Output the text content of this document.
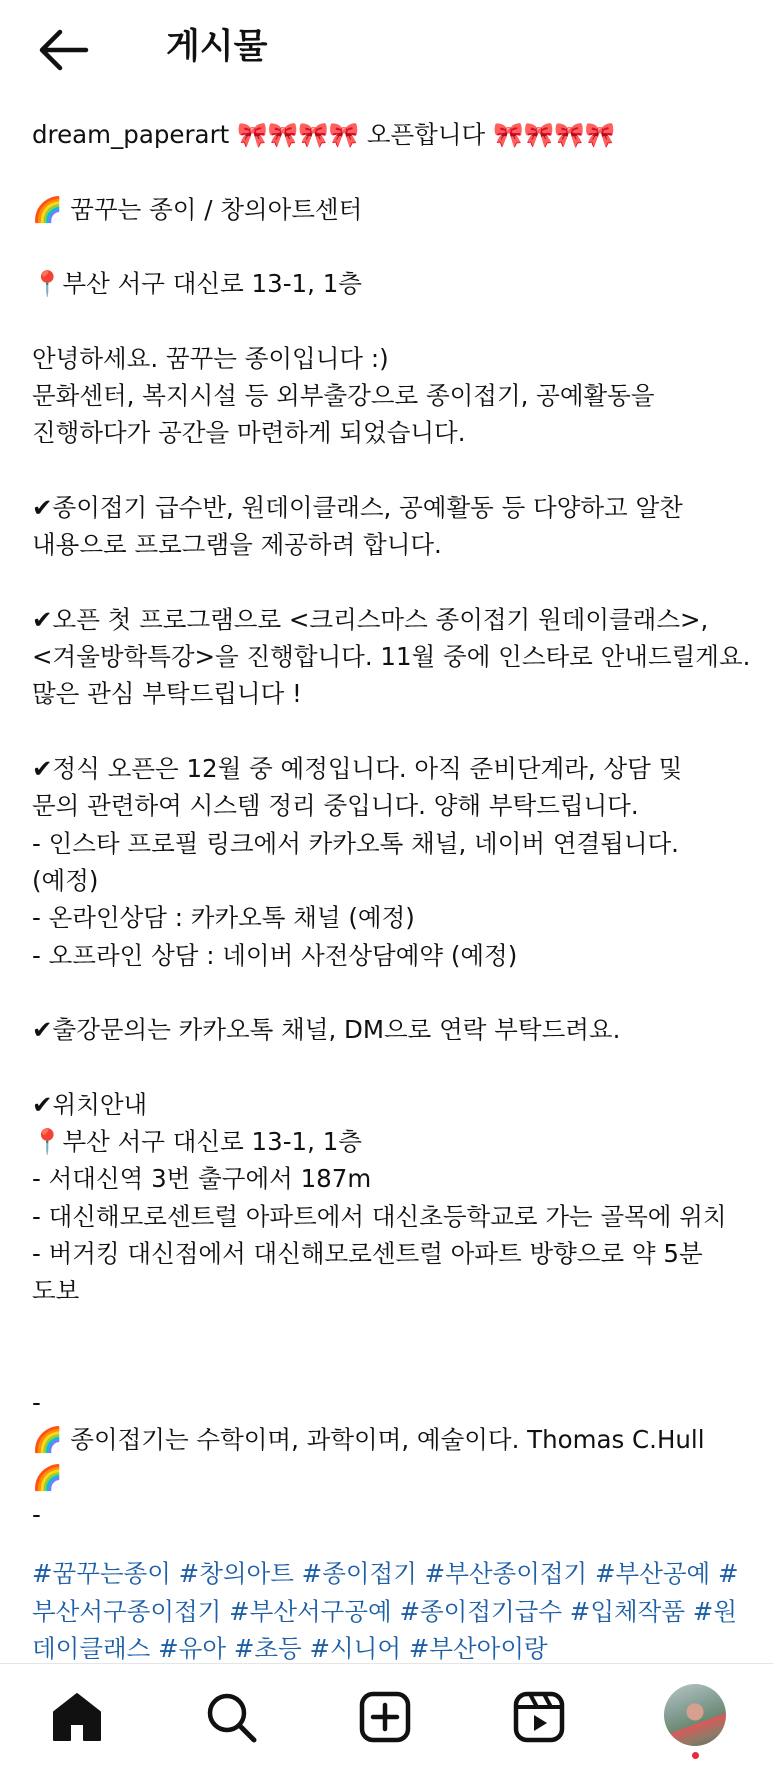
게시물
dream_paperart 🎀🎀🎀🎀 오픈합니다 🎀🎀🎀🎀
🌈 꿈꾸는 종이 / 창의아트센터
📍부산 서구 대신로 13-1, 1층
안녕하세요. 꿈꾸는 종이입니다 :)
문화센터, 복지시설 등 외부출강으로 종이접기, 공예활동을
진행하다가 공간을 마련하게 되었습니다.
✔종이접기 급수반, 원데이클래스, 공예활동 등 다양하고 알찬
내용으로 프로그램을 제공하려 합니다.
✔오픈 첫 프로그램으로 <크리스마스 종이접기 원데이클래스>,
<겨울방학특강>을 진행합니다. 11월 중에 인스타로 안내드릴게요.
많은 관심 부탁드립니다 !
✔정식 오픈은 12월 중 예정입니다. 아직 준비단계라, 상담 및
문의 관련하여 시스템 정리 중입니다. 양해 부탁드립니다.
- 인스타 프로필 링크에서 카카오톡 채널, 네이버 연결됩니다.
(예정)
- 온라인상담 : 카카오톡 채널 (예정)
- 오프라인 상담 : 네이버 사전상담예약 (예정)
✔출강문의는 카카오톡 채널, DM으로 연락 부탁드려요.
✔위치안내
📍부산 서구 대신로 13-1, 1층
- 서대신역 3번 출구에서 187m
- 대신해모로센트럴 아파트에서 대신초등학교로 가는 골목에 위치
- 버거킹 대신점에서 대신해모로센트럴 아파트 방향으로 약 5분
도보
-
🌈 종이접기는 수학이며, 과학이며, 예술이다. Thomas C.Hull
🌈
-
#꿈꾸는종이 #창의아트 #종이접기 #부산종이접기 #부산공예 #부산서구종이접기 #부산서구공예 #종이접기급수 #입체작품 #원데이클래스 #유아 #초등 #시니어 #부산아이랑
